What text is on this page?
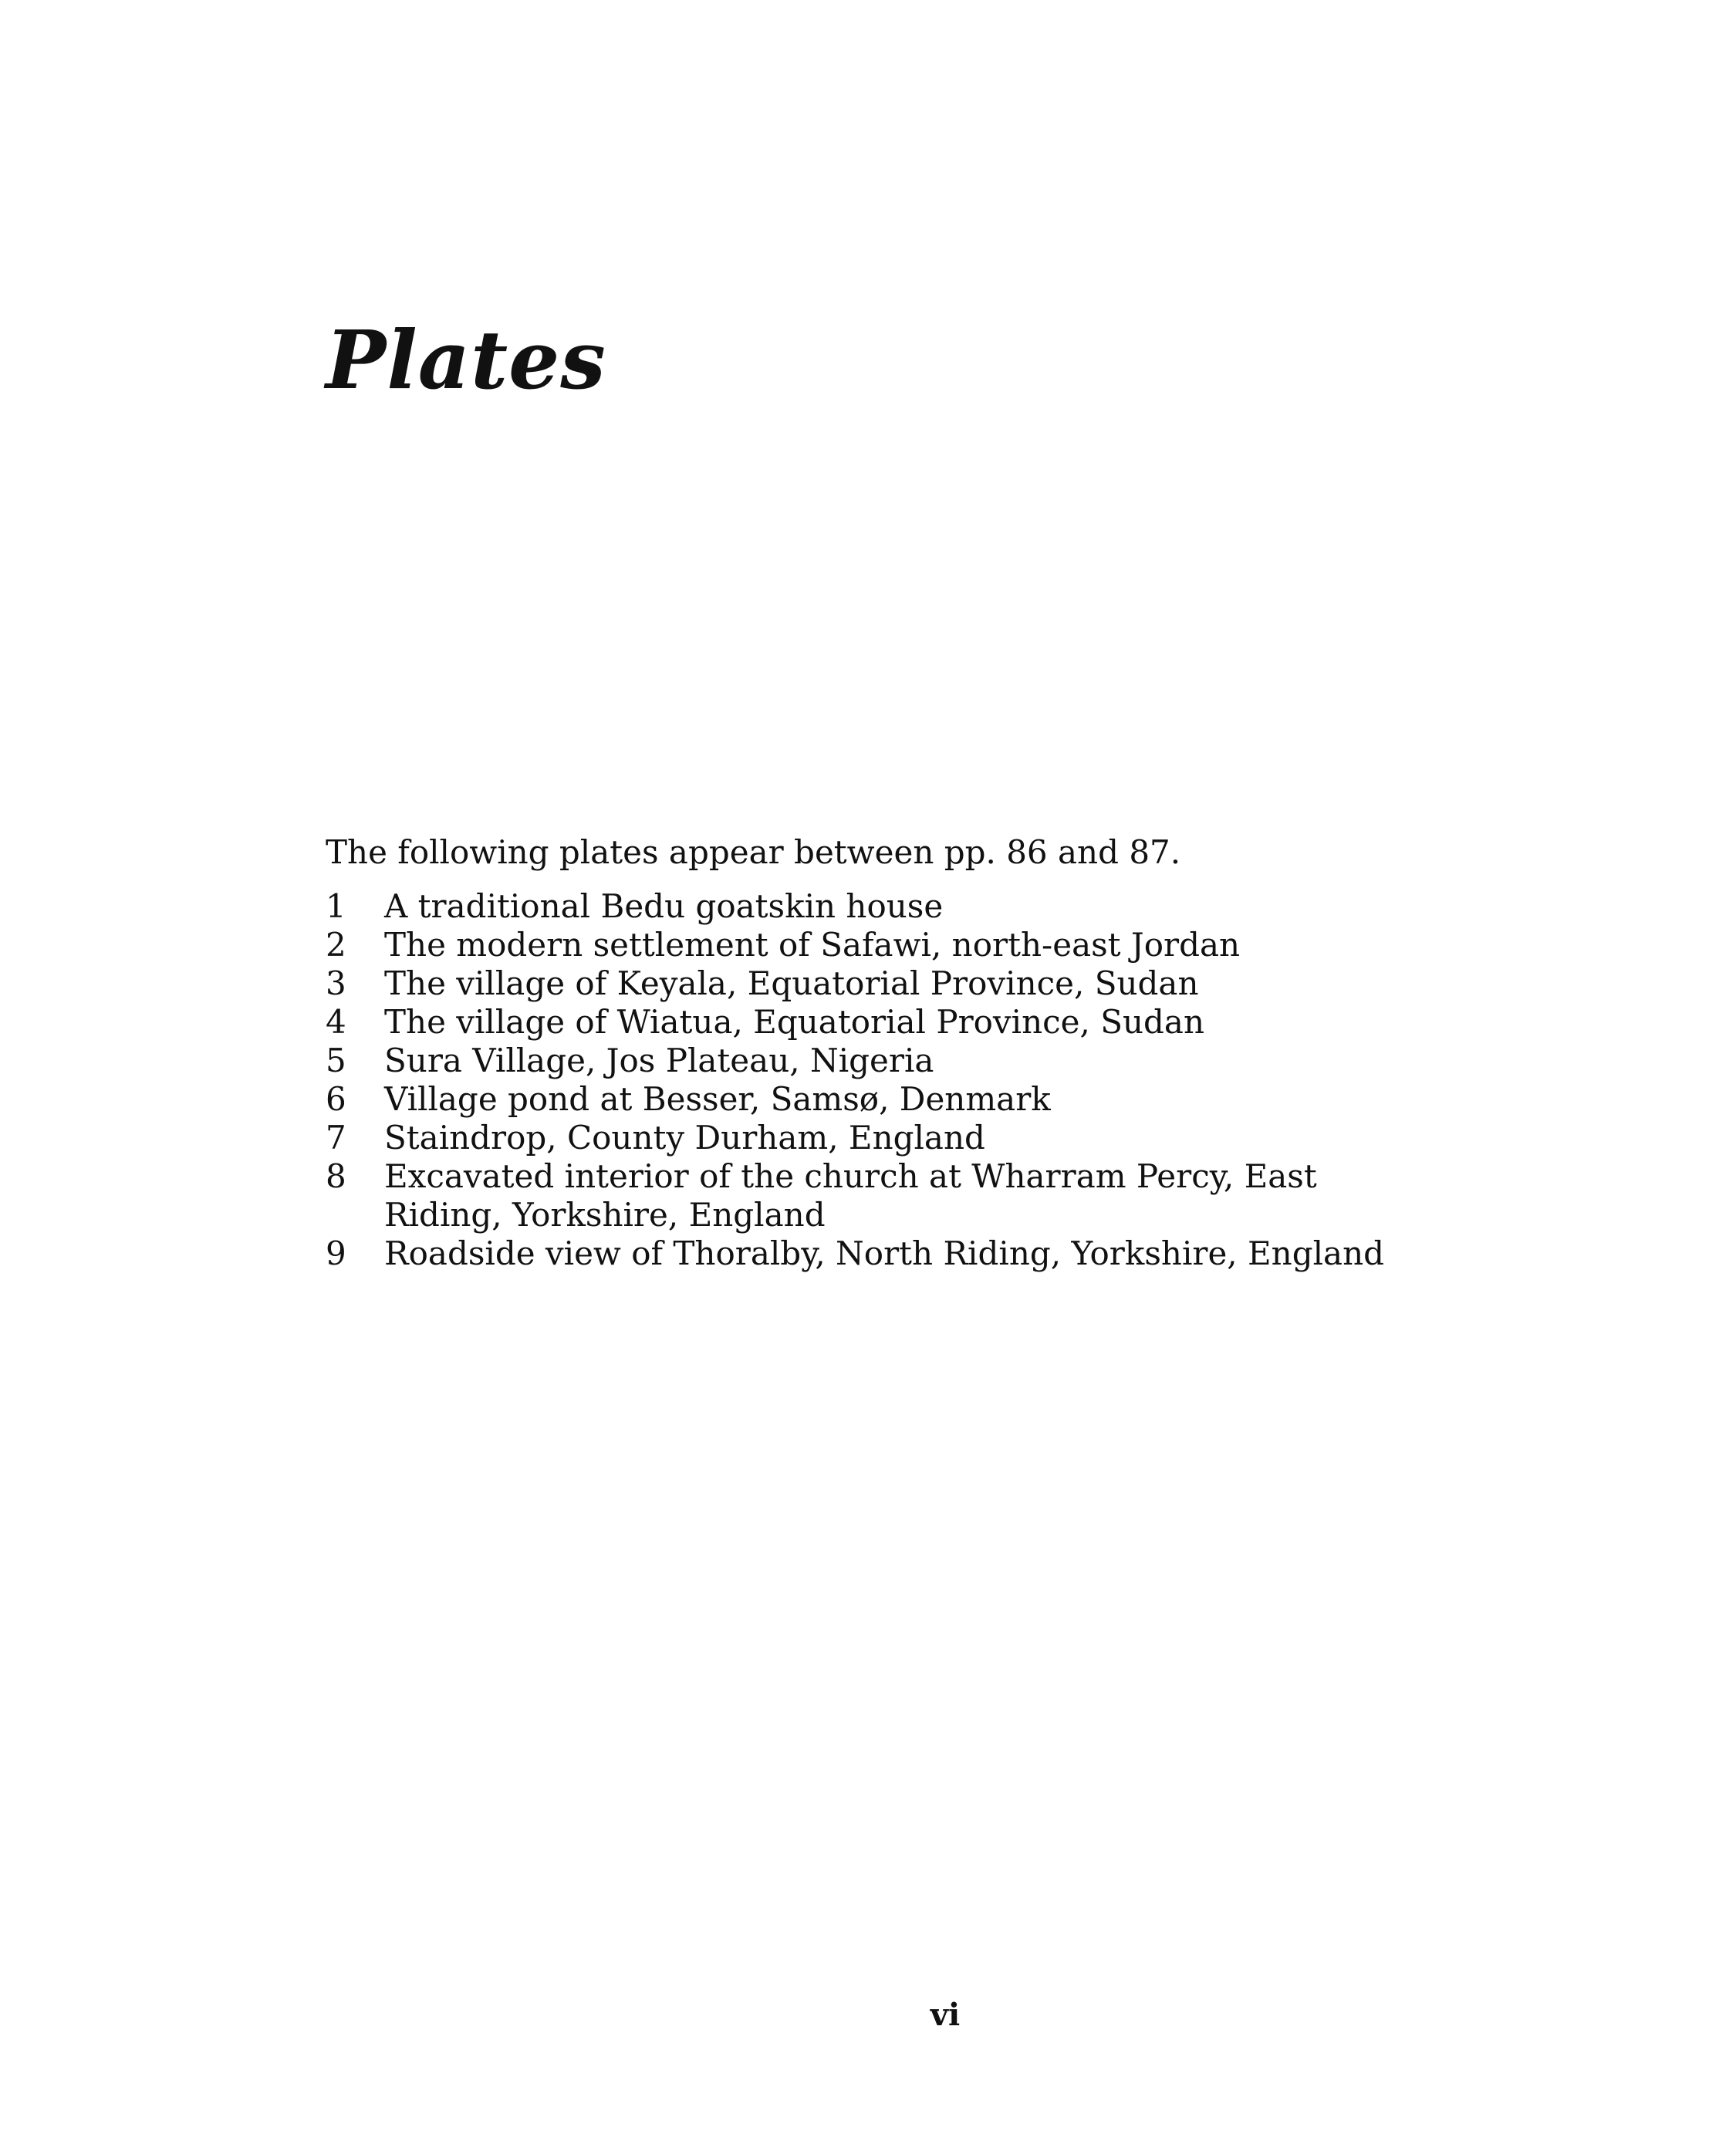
Plates

The following plates appear between pp. 86 and 87.

1	A traditional Bedu goatskin house
2	The modern settlement of Safawi, north-east Jordan
3	The village of Keyala, Equatorial Province, Sudan
4	The village of Wiatua, Equatorial Province, Sudan
5	Sura Village, Jos Plateau, Nigeria
6	Village pond at Besser, Samsø, Denmark
7	Staindrop, County Durham, England
8	Excavated interior of the church at Wharram Percy, East Riding, Yorkshire, England
9	Roadside view of Thoralby, North Riding, Yorkshire, England

vi
